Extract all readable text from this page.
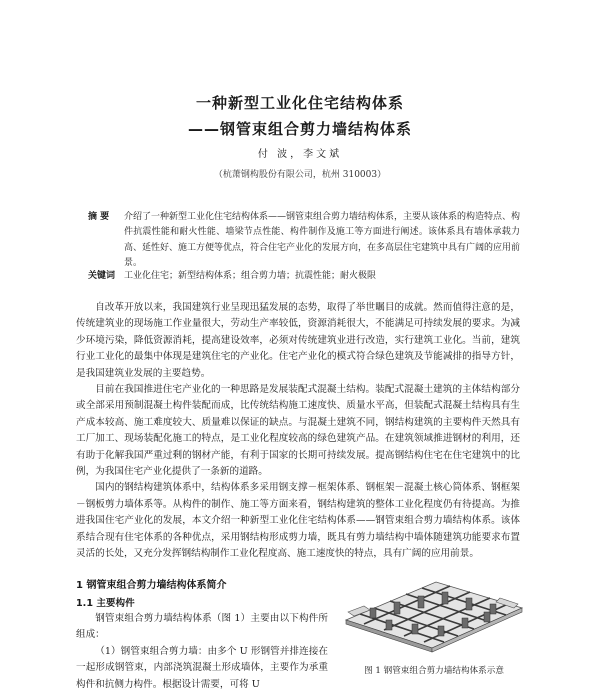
一种新型工业化住宅结构体系
——钢管束组合剪力墙结构体系
付 波，李文斌
（杭萧钢构股份有限公司，杭州 310003）
摘 要	介绍了一种新型工业化住宅结构体系——钢管束组合剪力墙结构体系，主要从该体系的构造特点、构件抗震性能和耐火性能、墙梁节点性能、构件制作及施工等方面进行阐述。该体系具有墙体承载力高、延性好、施工方便等优点，符合住宅产业化的发展方向，在多高层住宅建筑中具有广阔的应用前景。
关键词 工业化住宅；新型结构体系；组合剪力墙；抗震性能；耐火极限

自改革开放以来，我国建筑行业呈现迅猛发展的态势，取得了举世瞩目的成就。然而值得注意的是，传统建筑业的现场施工作业量很大，劳动生产率较低，资源消耗很大，不能满足可持续发展的要求。为减少环境污染，降低资源消耗，提高建设效率，必须对传统建筑业进行改造，实行建筑工业化。当前，建筑行业工业化的最集中体现是建筑住宅的产业化。住宅产业化的模式符合绿色建筑及节能减排的指导方针，是我国建筑业发展的主要趋势。

目前在我国推进住宅产业化的一种思路是发展装配式混凝土结构。装配式混凝土建筑的主体结构部分或全部采用预制混凝土构件装配而成，比传统结构施工速度快、质量水平高，但装配式混凝土结构具有生产成本较高、施工难度较大、质量难以保证的缺点。与混凝土建筑不同，钢结构建筑的主要构件天然具有工厂加工、现场装配化施工的特点，是工业化程度较高的绿色建筑产品。在建筑领域推进钢材的利用，还有助于化解我国严重过剩的钢材产能，有利于国家的长期可持续发展。提高钢结构住宅在住宅建筑中的比例，为我国住宅产业化提供了一条新的道路。

国内的钢结构建筑体系中，结构体系多采用钢支撑－框架体系、钢框架－混凝土核心筒体系、钢框架－钢板剪力墙体系等。从构件的制作、施工等方面来看，钢结构建筑的整体工业化程度仍有待提高。为推进我国住宅产业化的发展，本文介绍一种新型工业化住宅结构体系——钢管束组合剪力墙结构体系。该体系结合现有住宅体系的各种优点，采用钢结构形成剪力墙，既具有剪力墙结构中墙体随建筑功能要求布置灵活的长处，又充分发挥钢结构制作工业化程度高、施工速度快的特点，具有广阔的应用前景。

1 钢管束组合剪力墙结构体系简介
1.1 主要构件

钢管束组合剪力墙结构体系（图 1）主要由以下构件所组成：

（1）钢管束组合剪力墙：由多个 U 形钢管并排连接在一起形成钢管束，内部浇筑混凝土形成墙体，主要作为承重构件和抗侧力构件。根据设计需要，可将 U

图 1 钢管束组合剪力墙结构体系示意
